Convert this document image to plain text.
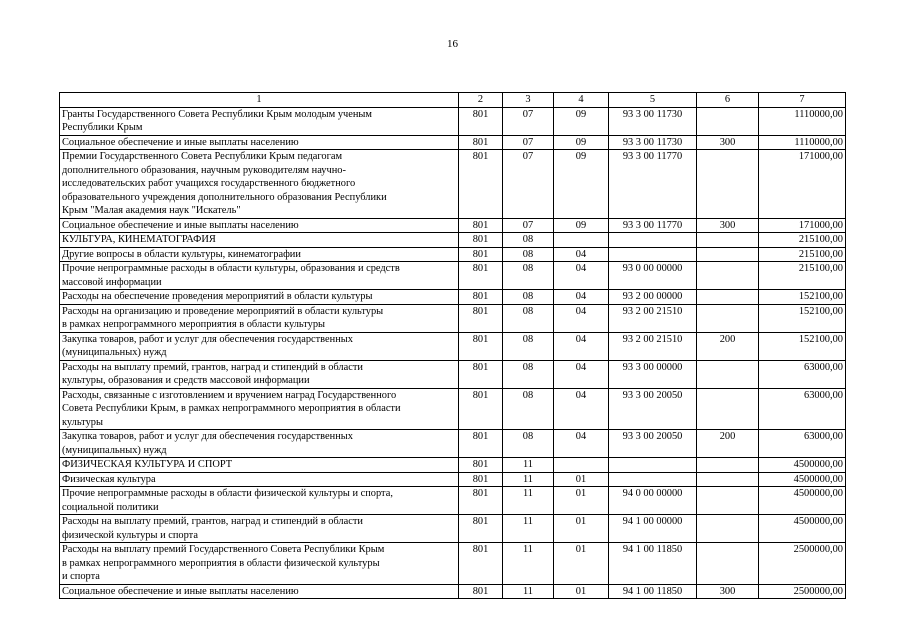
16
1	2	3	4	5	6	7
Гранты Государственного Совета Республики Крым молодым ученым
Республики Крым	801	07	09	93 3 00 11730		1110000,00
Социальное обеспечение и иные выплаты населению	801	07	09	93 3 00 11730	300	1110000,00
Премии Государственного Совета Республики Крым педагогам
дополнительного образования, научным руководителям научно-
исследовательских работ учащихся государственного бюджетного
образовательного учреждения дополнительного образования Республики
Крым "Малая академия наук "Искатель"	801	07	09	93 3 00 11770		171000,00
Социальное обеспечение и иные выплаты населению	801	07	09	93 3 00 11770	300	171000,00
КУЛЬТУРА, КИНЕМАТОГРАФИЯ	801	08				215100,00
Другие вопросы в области культуры, кинематографии	801	08	04			215100,00
Прочие непрограммные расходы в области культуры, образования и средств
массовой информации	801	08	04	93 0 00 00000		215100,00
Расходы на обеспечение проведения мероприятий в области культуры	801	08	04	93 2 00 00000		152100,00
Расходы на организацию и проведение мероприятий в области культуры
в рамках непрограммного мероприятия в области культуры	801	08	04	93 2 00 21510		152100,00
Закупка товаров, работ и услуг для обеспечения государственных
(муниципальных) нужд	801	08	04	93 2 00 21510	200	152100,00
Расходы на выплату премий, грантов, наград и стипендий в области
культуры, образования и средств массовой информации	801	08	04	93 3 00 00000		63000,00
Расходы, связанные с изготовлением и вручением наград Государственного
Совета Республики Крым, в рамках непрограммного мероприятия в области
культуры	801	08	04	93 3 00 20050		63000,00
Закупка товаров, работ и услуг для обеспечения государственных
(муниципальных) нужд	801	08	04	93 3 00 20050	200	63000,00
ФИЗИЧЕСКАЯ КУЛЬТУРА И СПОРТ	801	11				4500000,00
Физическая культура	801	11	01			4500000,00
Прочие непрограммные расходы в области физической культуры и спорта,
социальной политики	801	11	01	94 0 00 00000		4500000,00
Расходы на выплату премий, грантов, наград и стипендий в области
физической культуры и спорта	801	11	01	94 1 00 00000		4500000,00
Расходы на выплату премий Государственного Совета Республики Крым
в рамках непрограммного мероприятия в области физической культуры
и спорта	801	11	01	94 1 00 11850		2500000,00
Социальное обеспечение и иные выплаты населению	801	11	01	94 1 00 11850	300	2500000,00
